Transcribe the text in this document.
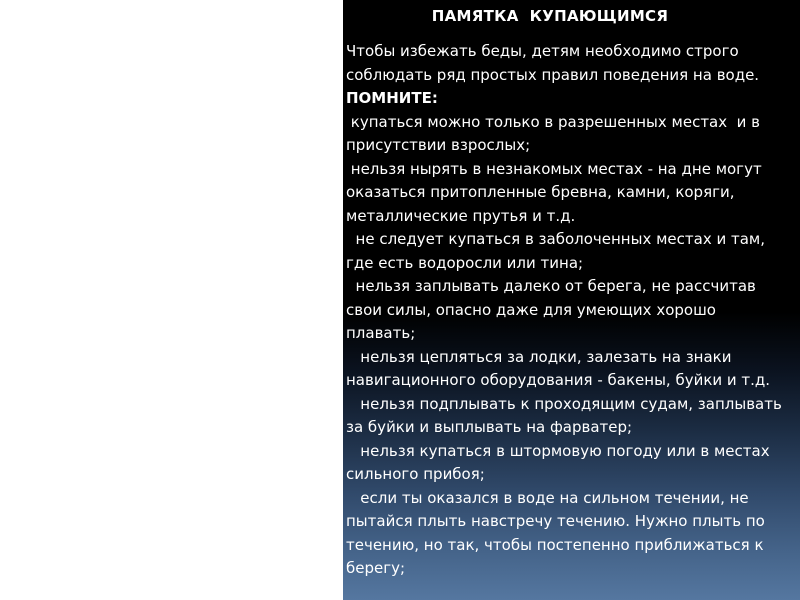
ПАМЯТКА  КУПАЮЩИМСЯ
Чтобы избежать беды, детям необходимо строго
соблюдать ряд простых правил поведения на воде.
ПОМНИТЕ:
купаться можно только в разрешенных местах  и в
присутствии взрослых;
нельзя нырять в незнакомых местах - на дне могут
оказаться притопленные бревна, камни, коряги,
металлические прутья и т.д.
не следует купаться в заболоченных местах и там,
где есть водоросли или тина;
нельзя заплывать далеко от берега, не рассчитав
свои силы, опасно даже для умеющих хорошо
плавать;
нельзя цепляться за лодки, залезать на знаки
навигационного оборудования - бакены, буйки и т.д.
нельзя подплывать к проходящим судам, заплывать
за буйки и выплывать на фарватер;
нельзя купаться в штормовую погоду или в местах
сильного прибоя;
если ты оказался в воде на сильном течении, не
пытайся плыть навстречу течению. Нужно плыть по
течению, но так, чтобы постепенно приближаться к
берегу;
